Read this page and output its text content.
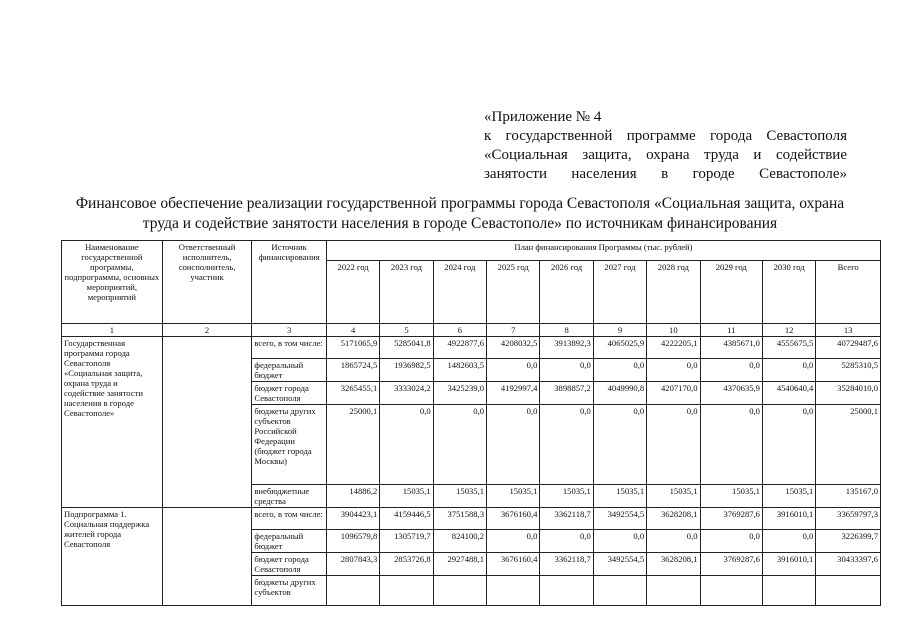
«Приложение № 4
к государственной программе города Севастополя
«Социальная защита, охрана труда и содействие
занятости населения в городе Севастополе»
Финансовое обеспечение реализации государственной программы города Севастополя «Социальная защита, охрана
труда и содействие занятости населения в городе Севастополе» по источникам финансирования
Наименование государственной программы, подпрограммы, основных мероприятий, мероприятий	Ответственный исполнитель, соисполнитель, участник	Источник финансирования	План финансирования Программы (тыс. рублей)									
			2022 год	2023 год	2024 год	2025 год	2026 год	2027 год	2028 год	2029 год	2030 год	Всего
1	2	3	4	5	6	7	8	9	10	11	12	13
Государственная программа города Севастополя «Социальная защита, охрана труда и содействие занятости населения в городе Севастополе»		всего, в том числе:	5171065,9	5285041,8	4922877,6	4208032,5	3913892,3	4065025,9	4222205,1	4385671,0	4555675,5	40729487,6
		федеральный бюджет	1865724,5	1936982,5	1482603,5	0,0	0,0	0,0	0,0	0,0	0,0	5285310,5
		бюджет города Севастополя	3265455,1	3333024,2	3425239,0	4192997,4	3898857,2	4049990,8	4207170,0	4370635,9	4540640,4	35284010,0
		бюджеты других субъектов Российской Федерации (бюджет города Москвы)	25000,1	0,0	0,0	0,0	0,0	0,0	0,0	0,0	0,0	25000,1
		внебюджетные средства	14886,2	15035,1	15035,1	15035,1	15035,1	15035,1	15035,1	15035,1	15035,1	135167,0
Подпрограмма 1. Социальная поддержка жителей города Севастополя		всего, в том числе:	3904423,1	4159446,5	3751588,3	3676160,4	3362118,7	3492554,5	3628208,1	3769287,6	3916010,1	33659797,3
		федеральный бюджет	1096579,8	1305719,7	824100,2	0,0	0,0	0,0	0,0	0,0	0,0	3226399,7
		бюджет города Севастополя	2807843,3	2853726,8	2927488,1	3676160,4	3362118,7	3492554,5	3628208,1	3769287,6	3916010,1	30433397,6
		бюджеты других субъектов										
